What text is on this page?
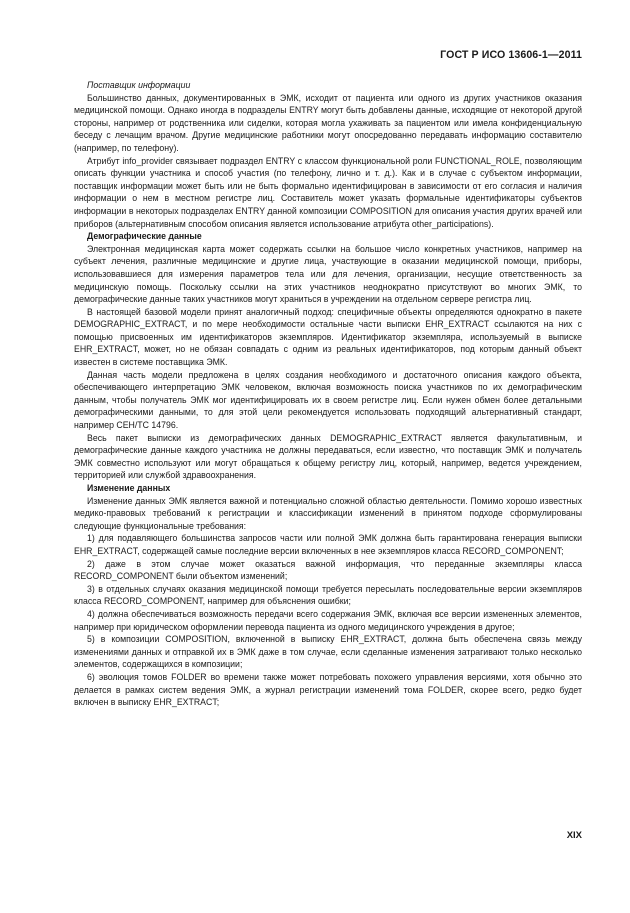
ГОСТ Р ИСО 13606-1—2011

Поставщик информации

Большинство данных, документированных в ЭМК, исходит от пациента или одного из других участников оказания медицинской помощи. Однако иногда в подразделы ENTRY могут быть добавлены данные, исходящие от некоторой другой стороны, например от родственника или сиделки, которая могла ухаживать за пациентом или имела конфиденциальную беседу с лечащим врачом. Другие медицинские работники могут опосредованно передавать информацию составителю (например, по телефону).

Атрибут info_provider связывает подраздел ENTRY с классом функциональной роли FUNCTIONAL_ROLE, позволяющим описать функции участника и способ участия (по телефону, лично и т. д.). Как и в случае с субъектом информации, поставщик информации может быть или не быть формально идентифицирован в зависимости от его согласия и наличия информации о нем в местном регистре лиц. Составитель может указать формальные идентификаторы субъектов информации в некоторых подразделах ENTRY данной композиции COMPOSITION для описания участия других врачей или приборов (альтернативным способом описания является использование атрибута other_participations).

Демографические данные

Электронная медицинская карта может содержать ссылки на большое число конкретных участников, например на субъект лечения, различные медицинские и другие лица, участвующие в оказании медицинской помощи, приборы, использовавшиеся для измерения параметров тела или для лечения, организации, несущие ответственность за медицинскую помощь. Поскольку ссылки на этих участников неоднократно присутствуют во многих ЭМК, то демографические данные таких участников могут храниться в учреждении на отдельном сервере регистра лиц.

В настоящей базовой модели принят аналогичный подход: специфичные объекты определяются однократно в пакете DEMOGRAPHIC_EXTRACT, и по мере необходимости остальные части выписки EHR_EXTRACT ссылаются на них с помощью присвоенных им идентификаторов экземпляров. Идентификатор экземпляра, используемый в выписке EHR_EXTRACT, может, но не обязан совпадать с одним из реальных идентификаторов, под которым данный объект известен в системе поставщика ЭМК.

Данная часть модели предложена в целях создания необходимого и достаточного описания каждого объекта, обеспечивающего интерпретацию ЭМК человеком, включая возможность поиска участников по их демографическим данным, чтобы получатель ЭМК мог идентифицировать их в своем регистре лиц. Если нужен обмен более детальными демографическими данными, то для этой цели рекомендуется использовать подходящий альтернативный стандарт, например CEH/TC 14796.

Весь пакет выписки из демографических данных DEMOGRAPHIC_EXTRACT является факультативным, и демографические данные каждого участника не должны передаваться, если известно, что поставщик ЭМК и получатель ЭМК совместно используют или могут обращаться к общему регистру лиц, который, например, ведется учреждением, территорией или службой здравоохранения.

Изменение данных

Изменение данных ЭМК является важной и потенциально сложной областью деятельности. Помимо хорошо известных медико-правовых требований к регистрации и классификации изменений в принятом подходе сформулированы следующие функциональные требования:

1) для подавляющего большинства запросов части или полной ЭМК должна быть гарантирована генерация выписки EHR_EXTRACT, содержащей самые последние версии включенных в нее экземпляров класса RECORD_COMPONENT;

2) даже в этом случае может оказаться важной информация, что переданные экземпляры класса RECORD_COMPONENT были объектом изменений;

3) в отдельных случаях оказания медицинской помощи требуется пересылать последовательные версии экземпляров класса RECORD_COMPONENT, например для объяснения ошибки;

4) должна обеспечиваться возможность передачи всего содержания ЭМК, включая все версии измененных элементов, например при юридическом оформлении перевода пациента из одного медицинского учреждения в другое;

5) в композиции COMPOSITION, включенной в выписку EHR_EXTRACT, должна быть обеспечена связь между изменениями данных и отправкой их в ЭМК даже в том случае, если сделанные изменения затрагивают только несколько элементов, содержащихся в композиции;

6) эволюция томов FOLDER во времени также может потребовать похожего управления версиями, хотя обычно это делается в рамках систем ведения ЭМК, а журнал регистрации изменений тома FOLDER, скорее всего, редко будет включен в выписку EHR_EXTRACT;

XIX
